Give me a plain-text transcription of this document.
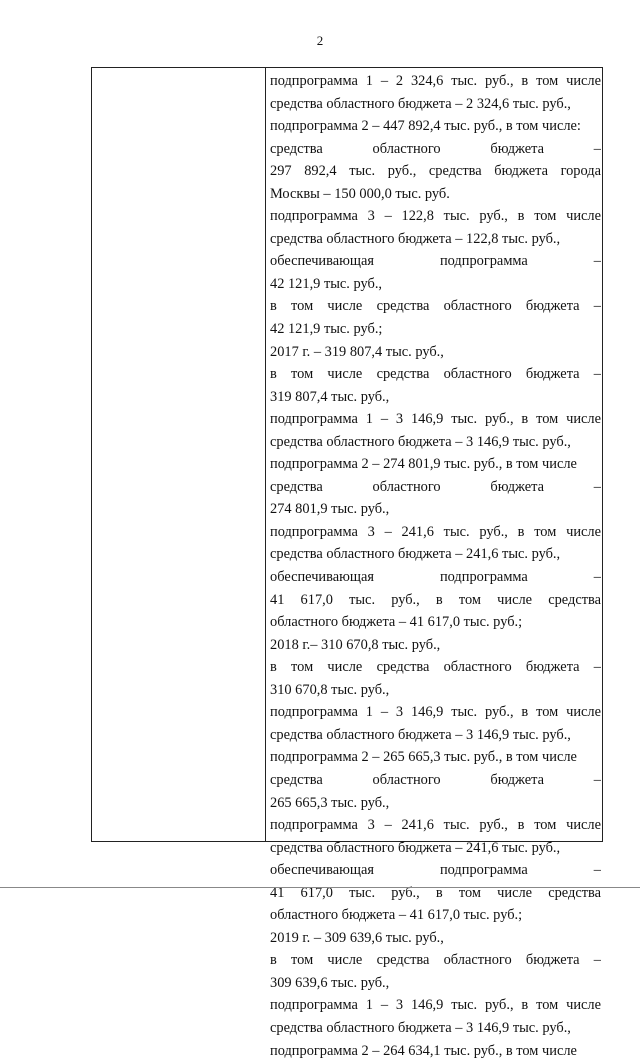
2
подпрограмма 1 – 2 324,6 тыс. руб., в том числе
средства областного бюджета – 2 324,6 тыс. руб.,
подпрограмма 2 – 447 892,4 тыс. руб., в том числе:
средства областного бюджета –
297 892,4 тыс. руб., средства бюджета города
Москвы – 150 000,0 тыс. руб.
подпрограмма 3 – 122,8 тыс. руб., в том числе
средства областного бюджета – 122,8 тыс. руб.,
обеспечивающая подпрограмма –
42 121,9 тыс. руб.,
в том числе средства областного бюджета –
42 121,9 тыс. руб.;
2017 г. – 319 807,4 тыс. руб.,
в том числе средства областного бюджета –
319 807,4 тыс. руб.,
подпрограмма 1 – 3 146,9 тыс. руб., в том числе
средства областного бюджета – 3 146,9 тыс. руб.,
подпрограмма 2 – 274 801,9 тыс. руб., в том числе
средства областного бюджета –
274 801,9 тыс. руб.,
подпрограмма 3 – 241,6 тыс. руб., в том числе
средства областного бюджета – 241,6 тыс. руб.,
обеспечивающая подпрограмма –
41 617,0 тыс. руб., в том числе средства
областного бюджета – 41 617,0 тыс. руб.;
2018 г.– 310 670,8 тыс. руб.,
в том числе средства областного бюджета –
310 670,8 тыс. руб.,
подпрограмма 1 – 3 146,9 тыс. руб., в том числе
средства областного бюджета – 3 146,9 тыс. руб.,
подпрограмма 2 – 265 665,3 тыс. руб., в том числе
средства областного бюджета –
265 665,3 тыс. руб.,
подпрограмма 3 – 241,6 тыс. руб., в том числе
средства областного бюджета – 241,6 тыс. руб.,
обеспечивающая подпрограмма –
41 617,0 тыс. руб., в том числе средства
областного бюджета – 41 617,0 тыс. руб.;
2019 г. – 309 639,6 тыс. руб.,
в том числе средства областного бюджета –
309 639,6 тыс. руб.,
подпрограмма 1 – 3 146,9 тыс. руб., в том числе
средства областного бюджета – 3 146,9 тыс. руб.,
подпрограмма 2 – 264 634,1 тыс. руб., в том числе
